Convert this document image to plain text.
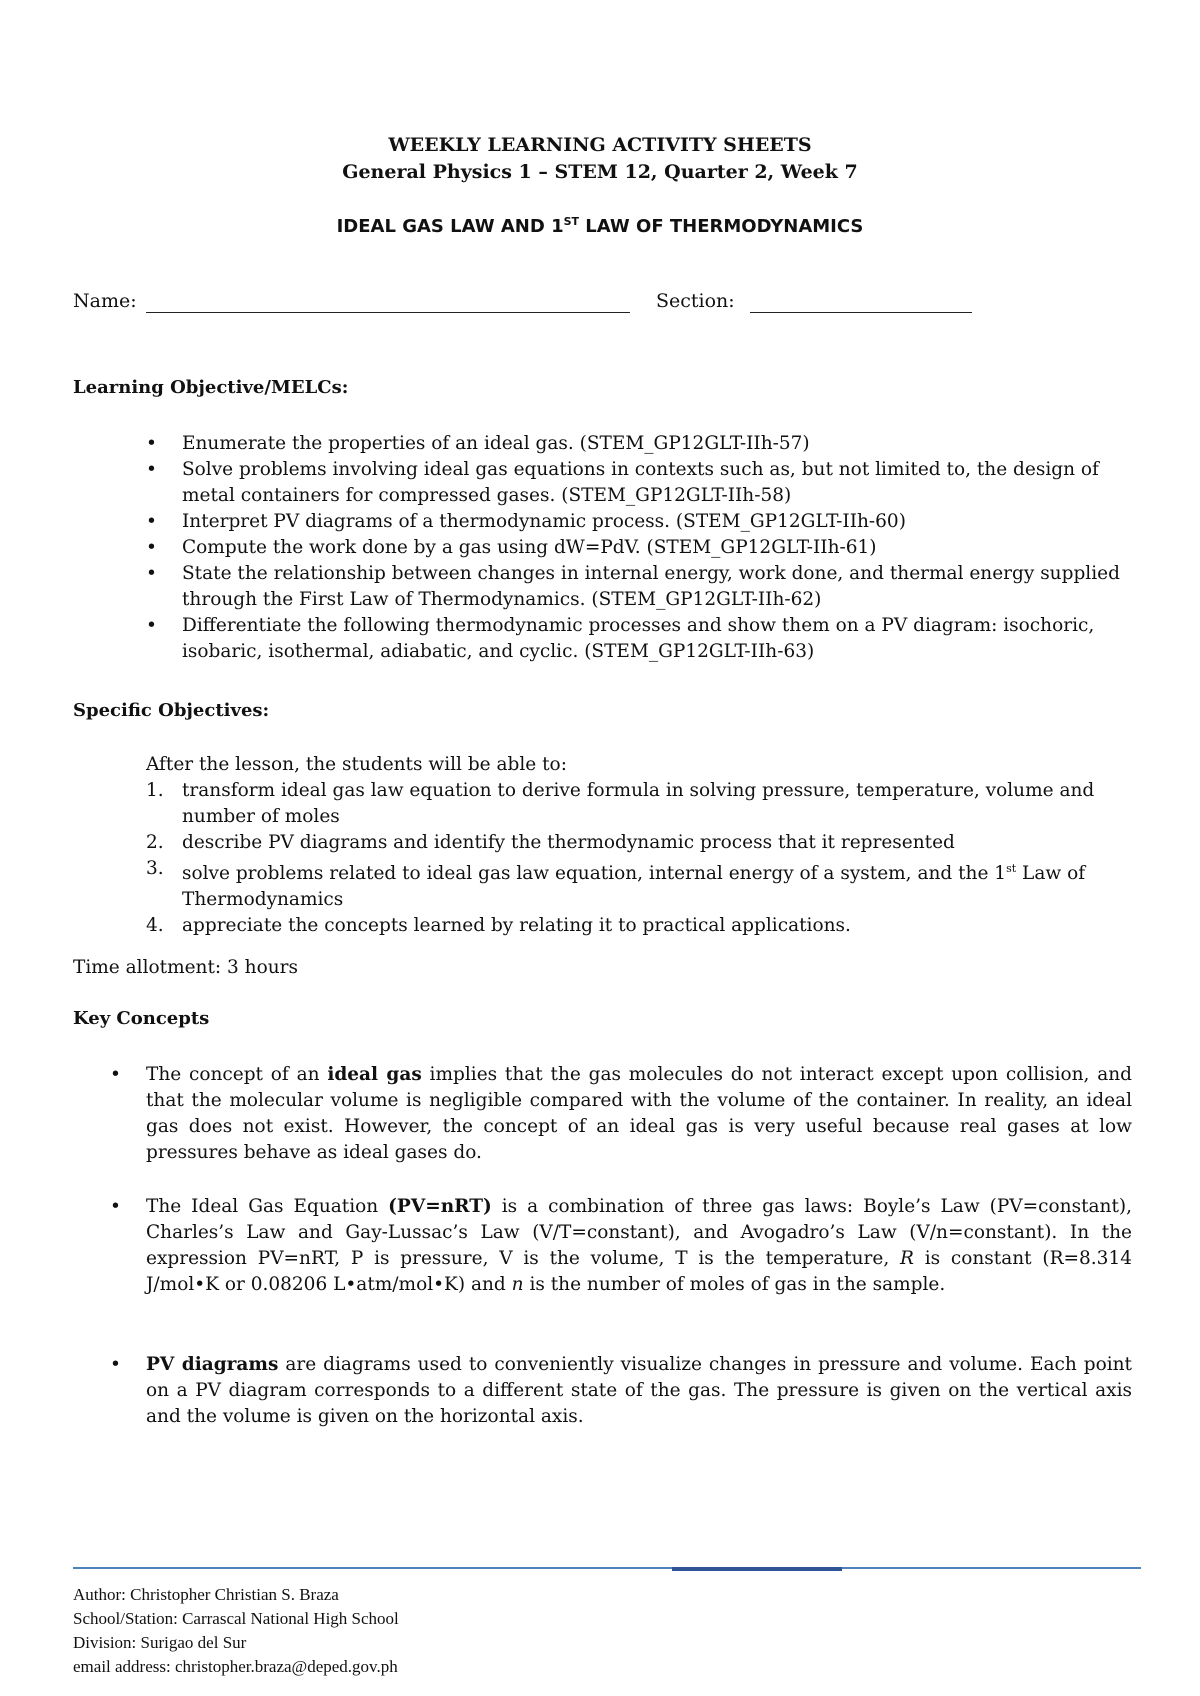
WEEKLY LEARNING ACTIVITY SHEETS
General Physics 1 – STEM 12, Quarter 2, Week 7
IDEAL GAS LAW AND 1ST LAW OF THERMODYNAMICS
Name:	Section:
Learning Objective/MELCs:
• Enumerate the properties of an ideal gas. (STEM_GP12GLT-IIh-57)
• Solve problems involving ideal gas equations in contexts such as, but not limited to, the design of metal containers for compressed gases. (STEM_GP12GLT-IIh-58)
• Interpret PV diagrams of a thermodynamic process. (STEM_GP12GLT-IIh-60)
• Compute the work done by a gas using dW=PdV. (STEM_GP12GLT-IIh-61)
• State the relationship between changes in internal energy, work done, and thermal energy supplied through the First Law of Thermodynamics. (STEM_GP12GLT-IIh-62)
• Differentiate the following thermodynamic processes and show them on a PV diagram: isochoric, isobaric, isothermal, adiabatic, and cyclic. (STEM_GP12GLT-IIh-63)
Specific Objectives:
After the lesson, the students will be able to:
1. transform ideal gas law equation to derive formula in solving pressure, temperature, volume and number of moles
2. describe PV diagrams and identify the thermodynamic process that it represented
3. solve problems related to ideal gas law equation, internal energy of a system, and the 1st Law of Thermodynamics
4. appreciate the concepts learned by relating it to practical applications.
Time allotment: 3 hours
Key Concepts
• The concept of an ideal gas implies that the gas molecules do not interact except upon collision, and that the molecular volume is negligible compared with the volume of the container. In reality, an ideal gas does not exist. However, the concept of an ideal gas is very useful because real gases at low pressures behave as ideal gases do.
• The Ideal Gas Equation (PV=nRT) is a combination of three gas laws: Boyle’s Law (PV=constant), Charles’s Law and Gay-Lussac’s Law (V/T=constant), and Avogadro’s Law (V/n=constant). In the expression PV=nRT, P is pressure, V is the volume, T is the temperature, R is constant (R=8.314 J/mol•K or 0.08206 L•atm/mol•K) and n is the number of moles of gas in the sample.
• PV diagrams are diagrams used to conveniently visualize changes in pressure and volume. Each point on a PV diagram corresponds to a different state of the gas. The pressure is given on the vertical axis and the volume is given on the horizontal axis.
Author: Christopher Christian S. Braza
School/Station: Carrascal National High School
Division: Surigao del Sur
email address: christopher.braza@deped.gov.ph
